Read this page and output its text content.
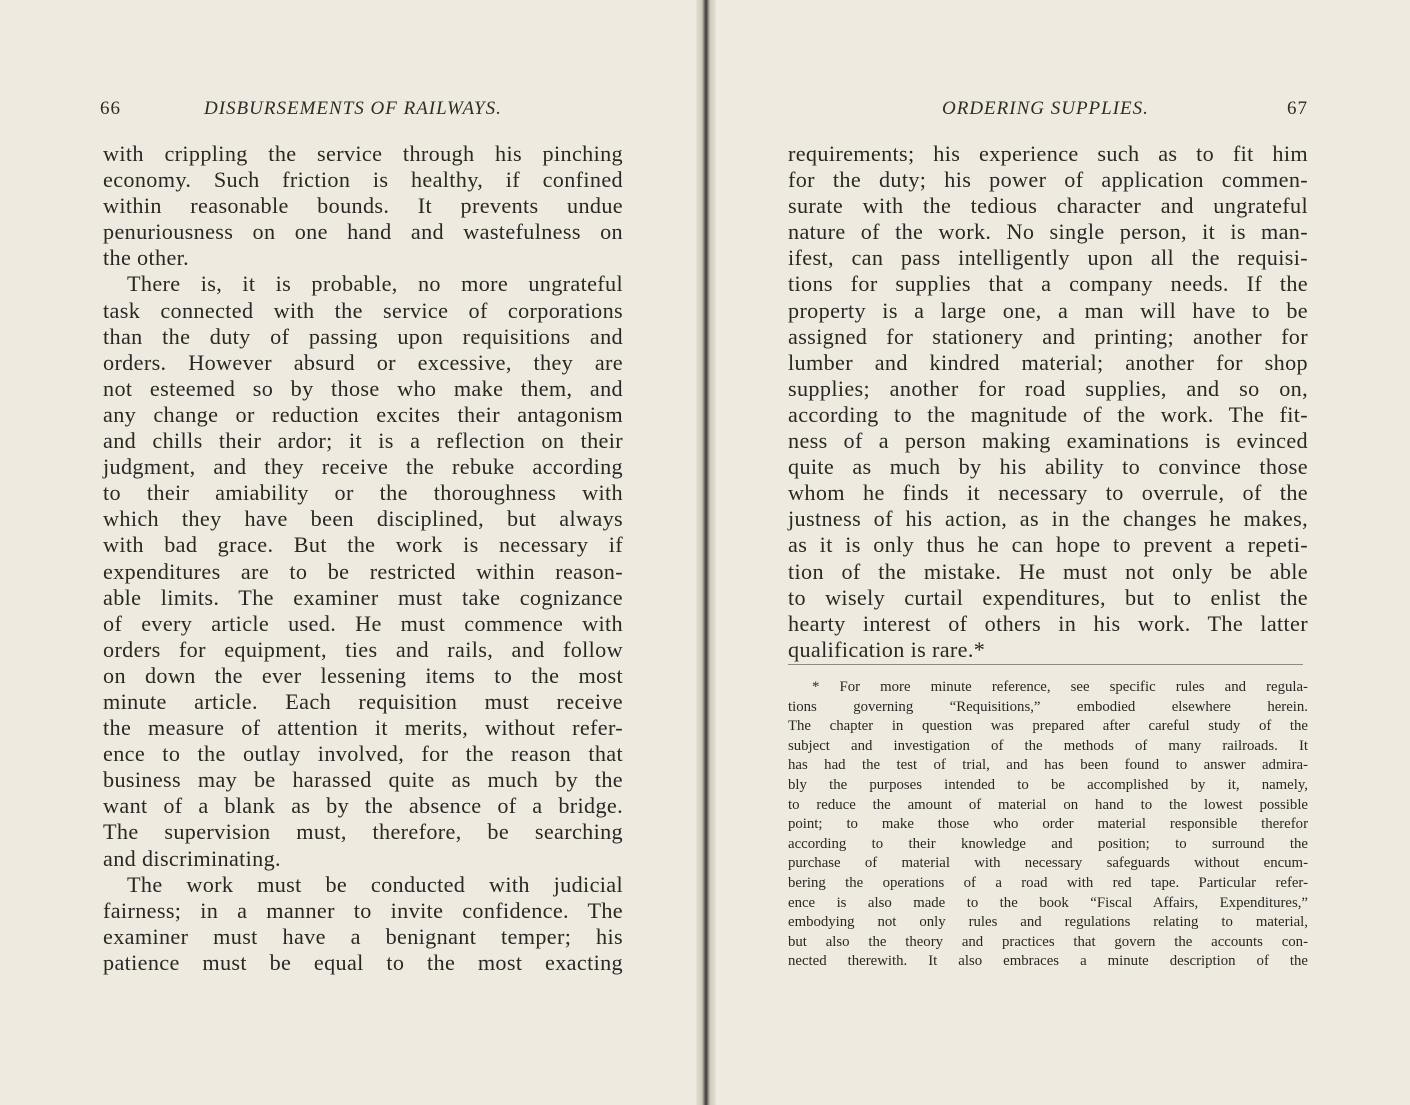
66	DISBURSEMENTS OF RAILWAYS.	ORDERING SUPPLIES.	67
with crippling the service through his pinching
economy. Such friction is healthy, if confined
within reasonable bounds. It prevents undue
penuriousness on one hand and wastefulness on
the other.
There is, it is probable, no more ungrateful
task connected with the service of corporations
than the duty of passing upon requisitions and
orders. However absurd or excessive, they are
not esteemed so by those who make them, and
any change or reduction excites their antagonism
and chills their ardor; it is a reflection on their
judgment, and they receive the rebuke according
to their amiability or the thoroughness with
which they have been disciplined, but always
with bad grace. But the work is necessary if
expenditures are to be restricted within reason-
able limits. The examiner must take cognizance
of every article used. He must commence with
orders for equipment, ties and rails, and follow
on down the ever lessening items to the most
minute article. Each requisition must receive
the measure of attention it merits, without refer-
ence to the outlay involved, for the reason that
business may be harassed quite as much by the
want of a blank as by the absence of a bridge.
The supervision must, therefore, be searching
and discriminating.
The work must be conducted with judicial
fairness; in a manner to invite confidence. The
examiner must have a benignant temper; his
patience must be equal to the most exacting
requirements; his experience such as to fit him
for the duty; his power of application commen-
surate with the tedious character and ungrateful
nature of the work. No single person, it is man-
ifest, can pass intelligently upon all the requisi-
tions for supplies that a company needs. If the
property is a large one, a man will have to be
assigned for stationery and printing; another for
lumber and kindred material; another for shop
supplies; another for road supplies, and so on,
according to the magnitude of the work. The fit-
ness of a person making examinations is evinced
quite as much by his ability to convince those
whom he finds it necessary to overrule, of the
justness of his action, as in the changes he makes,
as it is only thus he can hope to prevent a repeti-
tion of the mistake. He must not only be able
to wisely curtail expenditures, but to enlist the
hearty interest of others in his work. The latter
qualification is rare.*
* For more minute reference, see specific rules and regula-
tions governing “Requisitions,” embodied elsewhere herein.
The chapter in question was prepared after careful study of the
subject and investigation of the methods of many railroads. It
has had the test of trial, and has been found to answer admira-
bly the purposes intended to be accomplished by it, namely,
to reduce the amount of material on hand to the lowest possible
point; to make those who order material responsible therefor
according to their knowledge and position; to surround the
purchase of material with necessary safeguards without encum-
bering the operations of a road with red tape. Particular refer-
ence is also made to the book “Fiscal Affairs, Expenditures,”
embodying not only rules and regulations relating to material,
but also the theory and practices that govern the accounts con-
nected therewith. It also embraces a minute description of the
